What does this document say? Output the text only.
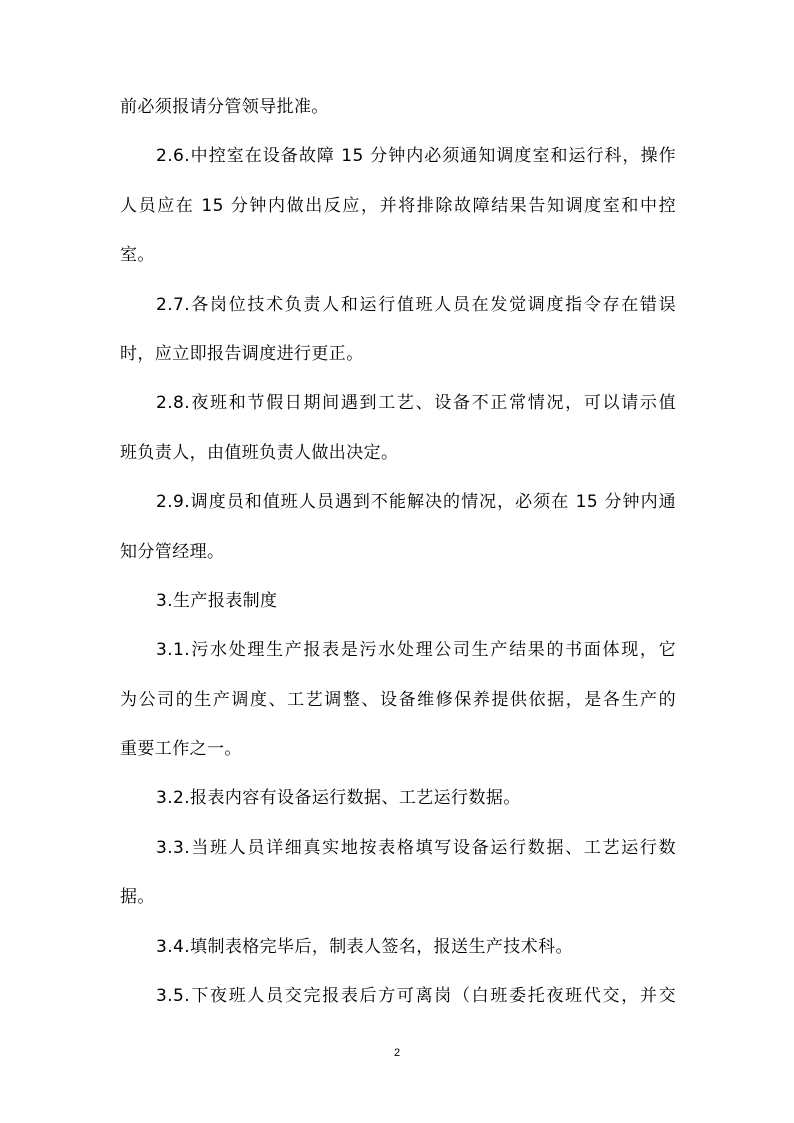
前必须报请分管领导批准。

2.6.中控室在设备故障 15 分钟内必须通知调度室和运行科，操作

人员应在 15 分钟内做出反应，并将排除故障结果告知调度室和中控

室。

2.7.各岗位技术负责人和运行值班人员在发觉调度指令存在错误

时，应立即报告调度进行更正。

2.8.夜班和节假日期间遇到工艺、设备不正常情况，可以请示值

班负责人，由值班负责人做出决定。

2.9.调度员和值班人员遇到不能解决的情况，必须在 15 分钟内通

知分管经理。

3.生产报表制度

3.1.污水处理生产报表是污水处理公司生产结果的书面体现，它

为公司的生产调度、工艺调整、设备维修保养提供依据，是各生产的

重要工作之一。

3.2.报表内容有设备运行数据、工艺运行数据。

3.3.当班人员详细真实地按表格填写设备运行数据、工艺运行数

据。

3.4.填制表格完毕后，制表人签名，报送生产技术科。

3.5.下夜班人员交完报表后方可离岗（白班委托夜班代交，并交

2
